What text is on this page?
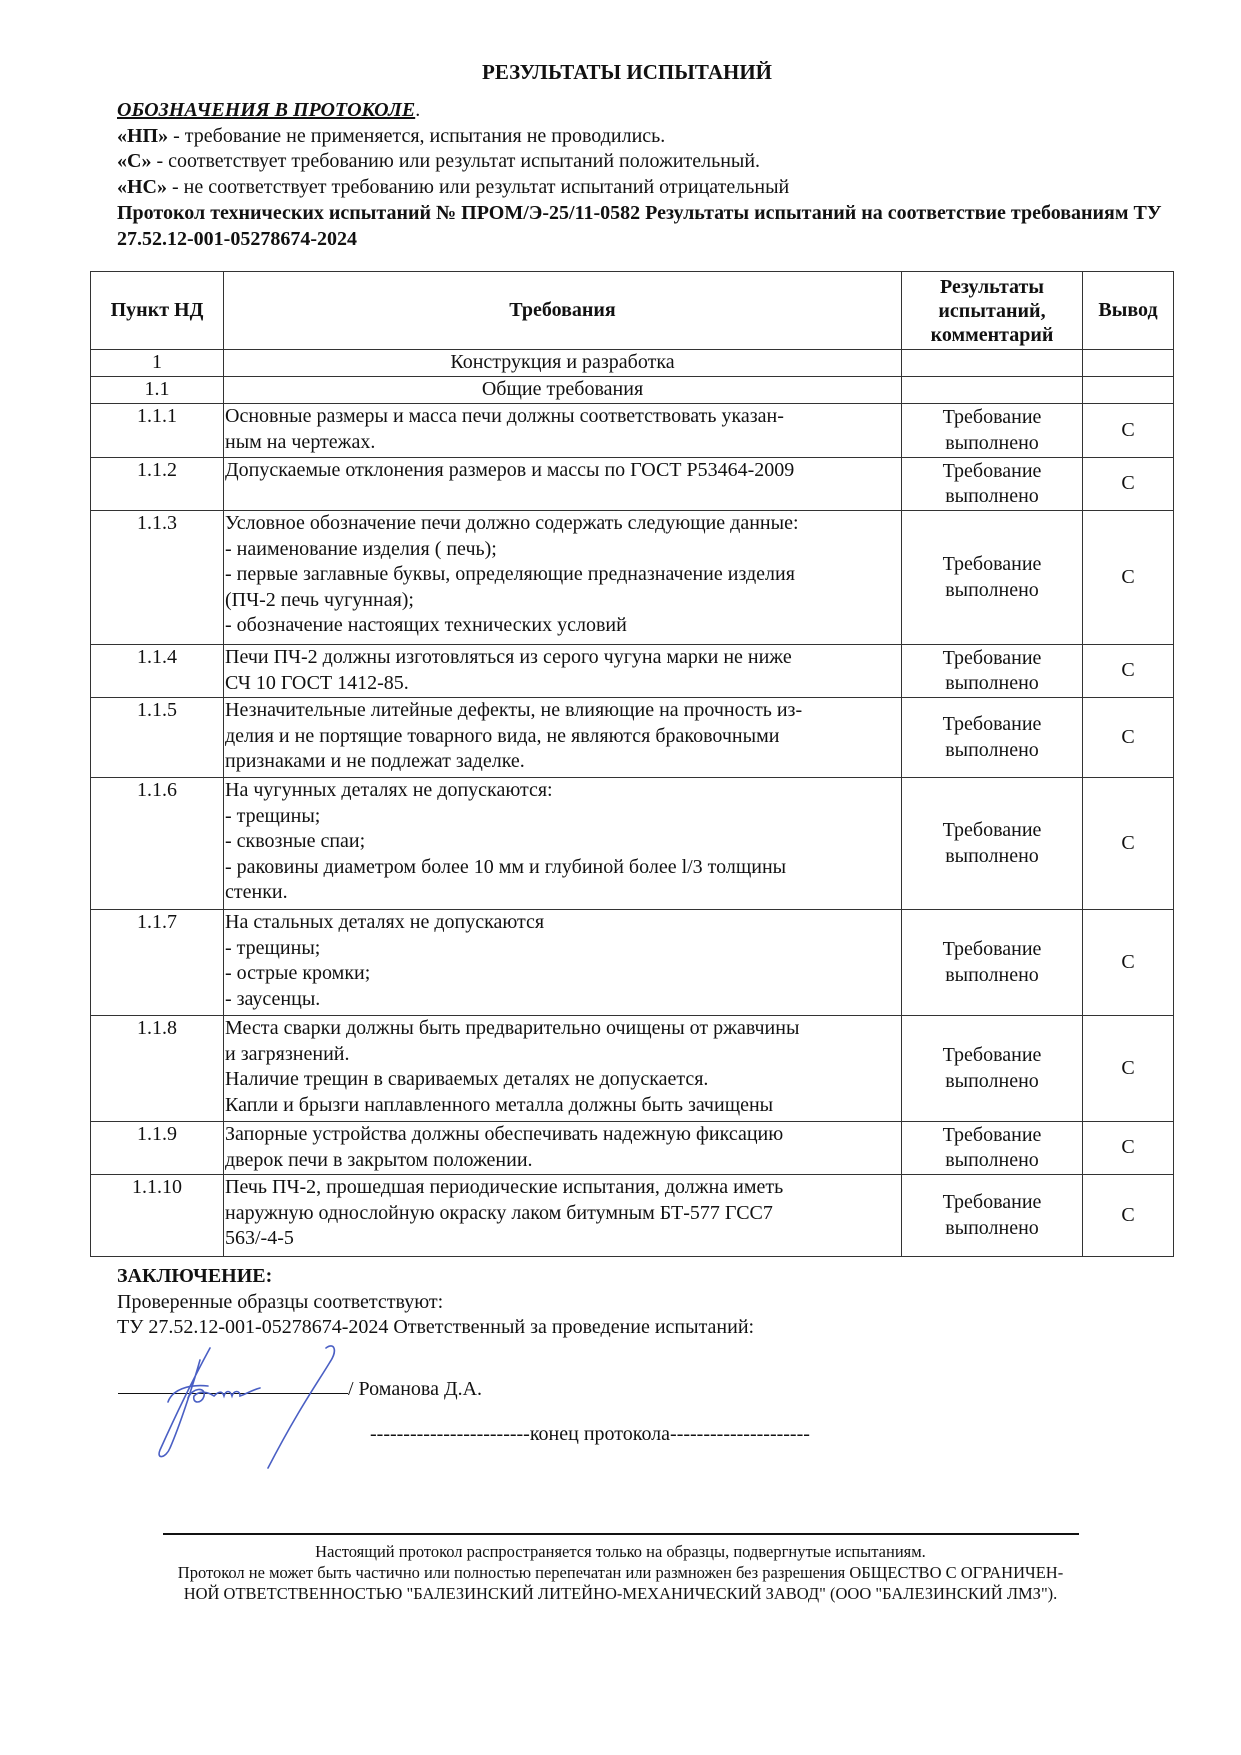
РЕЗУЛЬТАТЫ ИСПЫТАНИЙ
ОБОЗНАЧЕНИЯ В ПРОТОКОЛЕ.
«НП» - требование не применяется, испытания не проводились.
«С» - соответствует требованию или результат испытаний положительный.
«НС» - не соответствует требованию или результат испытаний отрицательный
Протокол технических испытаний № ПРОМ/Э-25/11-0582 Результаты испытаний на соответствие требованиям ТУ 27.52.12-001-05278674-2024
Пункт НД	Требования	Результаты испытаний, комментарий	Вывод
1	Конструкция и разработка		
1.1	Общие требования		
1.1.1	Основные размеры и масса печи должны соответствовать указан-
ным на чертежах.	Требование выполнено	С
1.1.2	Допускаемые отклонения размеров и массы по ГОСТ Р53464-2009	Требование выполнено	С
1.1.3	Условное обозначение печи должно содержать следующие данные:
- наименование изделия ( печь);
- первые заглавные буквы, определяющие предназначение изделия
(ПЧ-2 печь чугунная);
- обозначение настоящих технических условий	Требование выполнено	С
1.1.4	Печи ПЧ-2 должны изготовляться из серого чугуна марки не ниже
СЧ 10 ГОСТ 1412-85.	Требование выполнено	С
1.1.5	Незначительные литейные дефекты, не влияющие на прочность из-
делия и не портящие товарного вида, не являются браковочными
признаками и не подлежат заделке.	Требование выполнено	С
1.1.6	На чугунных деталях не допускаются:
- трещины;
- сквозные спаи;
- раковины диаметром более 10 мм и глубиной более l/3 толщины
стенки.	Требование выполнено	С
1.1.7	На стальных деталях не допускаются
- трещины;
- острые кромки;
- заусенцы.	Требование выполнено	С
1.1.8	Места сварки должны быть предварительно очищены от ржавчины
и загрязнений.
Наличие трещин в свариваемых деталях не допускается.
Капли и брызги наплавленного металла должны быть зачищены	Требование выполнено	С
1.1.9	Запорные устройства должны обеспечивать надежную фиксацию
дверок печи в закрытом положении.	Требование выполнено	С
1.1.10	Печь ПЧ-2, прошедшая периодические испытания, должна иметь
наружную однослойную окраску лаком битумным БТ-577 ГСС7
563/-4-5	Требование выполнено	С
ЗАКЛЮЧЕНИЕ:
Проверенные образцы соответствуют:
ТУ 27.52.12-001-05278674-2024 Ответственный за проведение испытаний:
/ Романова Д.А.
------------------------конец протокола---------------------
Настоящий протокол распространяется только на образцы, подвергнутые испытаниям.
Протокол не может быть частично или полностью перепечатан или размножен без разрешения ОБЩЕСТВО С ОГРАНИЧЕН-
НОЙ ОТВЕТСТВЕННОСТЬЮ "БАЛЕЗИНСКИЙ ЛИТЕЙНО-МЕХАНИЧЕСКИЙ ЗАВОД" (ООО "БАЛЕЗИНСКИЙ ЛМЗ").
